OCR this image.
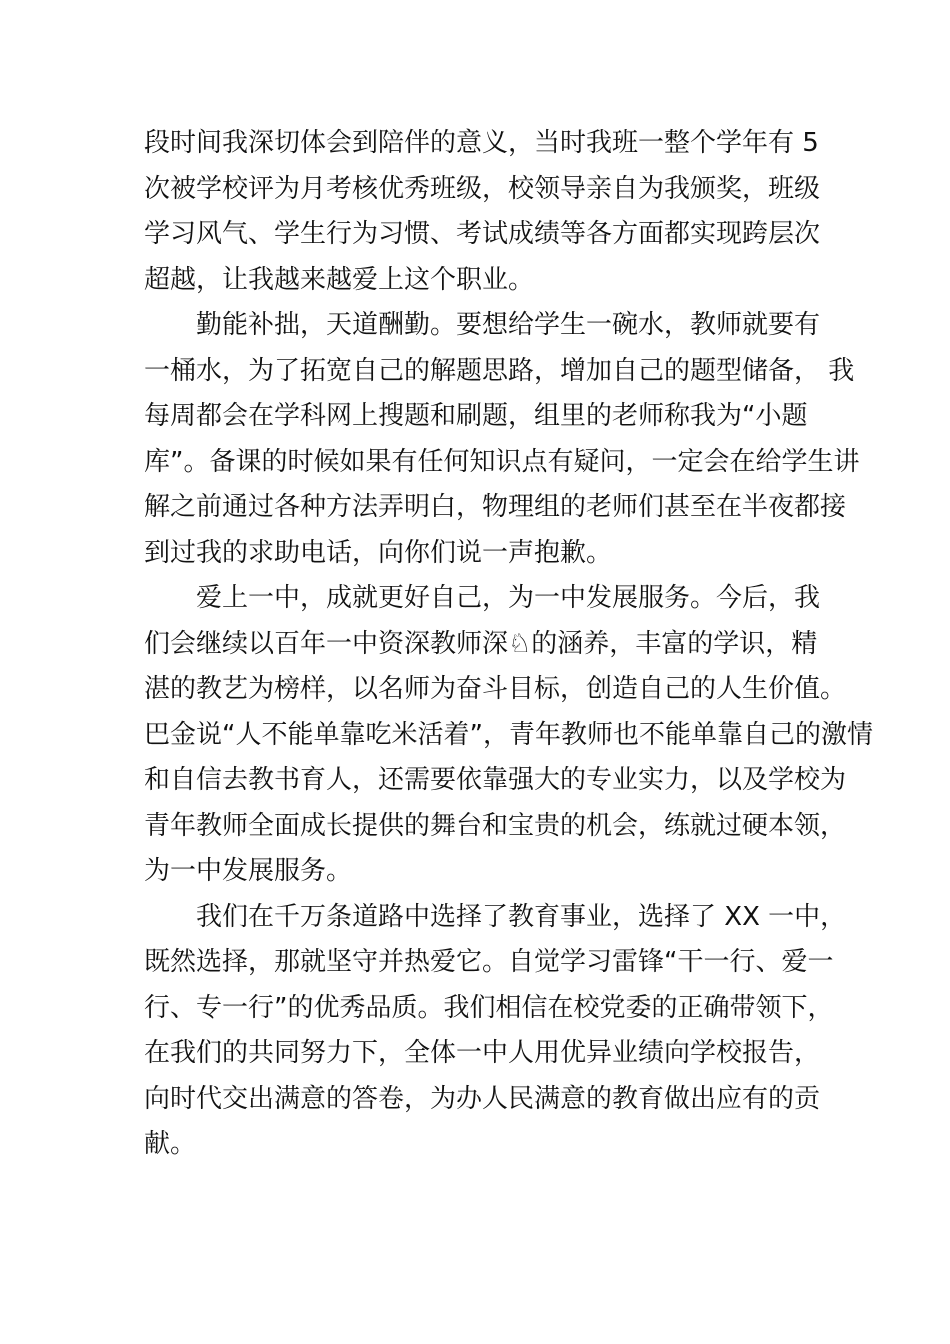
段时间我深切体会到陪伴的意义，当时我班一整个学年有 5
次被学校评为月考核优秀班级，校领导亲自为我颁奖，班级
学习风气、学生行为习惯、考试成绩等各方面都实现跨层次
超越，让我越来越爱上这个职业。
勤能补拙，天道酬勤。要想给学生一碗水，教师就要有
一桶水，为了拓宽自己的解题思路，增加自己的题型储备， 我
每周都会在学科网上搜题和刷题，组里的老师称我为“小题
库”。备课的时候如果有任何知识点有疑问，一定会在给学生讲
解之前通过各种方法弄明白，物理组的老师们甚至在半夜都接
到过我的求助电话，向你们说一声抱歉。
爱上一中，成就更好自己，为一中发展服务。今后，我
们会继续以百年一中资深教师深♘的涵养，丰富的学识，精
湛的教艺为榜样，以名师为奋斗目标，创造自己的人生价值。
巴金说“人不能单靠吃米活着”，青年教师也不能单靠自己的激情
和自信去教书育人，还需要依靠强大的专业实力，以及学校为
青年教师全面成长提供的舞台和宝贵的机会，练就过硬本领，
为一中发展服务。
我们在千万条道路中选择了教育事业，选择了 XX 一中，
既然选择，那就坚守并热爱它。自觉学习雷锋“干一行、爱一
行、专一行”的优秀品质。我们相信在校党委的正确带领下，
在我们的共同努力下，全体一中人用优异业绩向学校报告，
向时代交出满意的答卷，为办人民满意的教育做出应有的贡
献。
